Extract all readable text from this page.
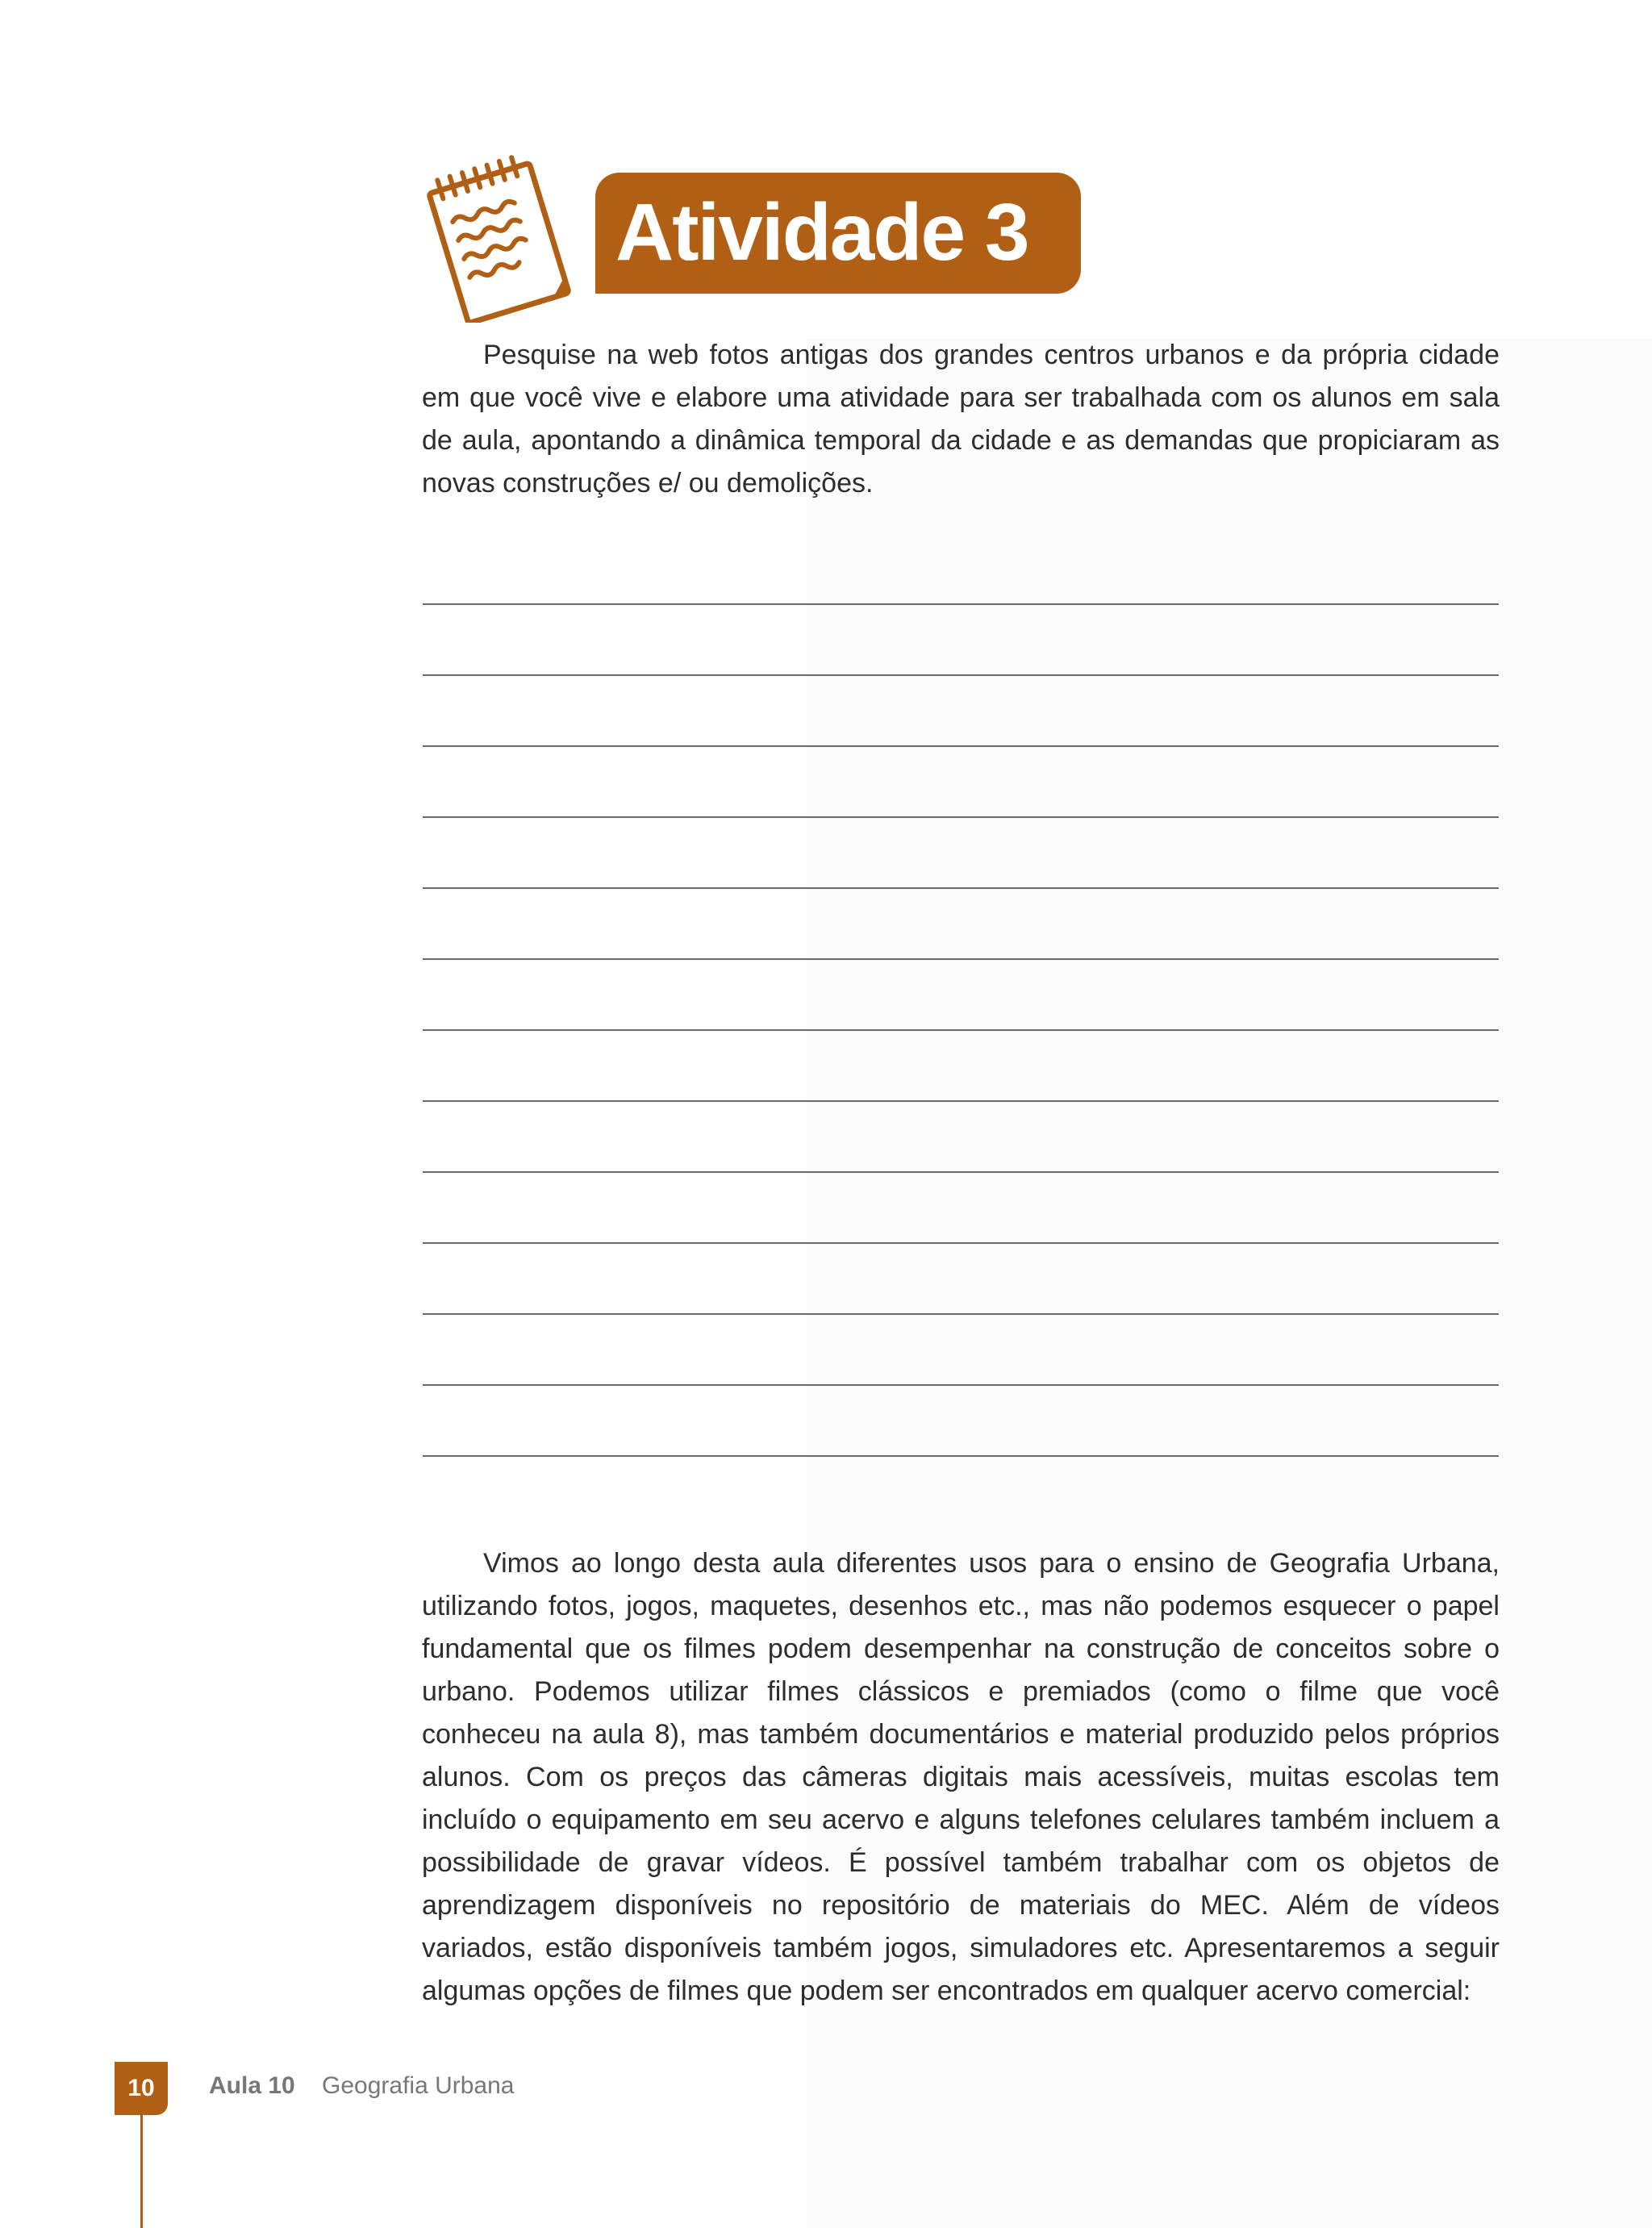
Atividade 3

Pesquise na web fotos antigas dos grandes centros urbanos e da própria cidade em que você vive e elabore uma atividade para ser trabalhada com os alunos em sala de aula, apontando a dinâmica temporal da cidade e as demandas que propiciaram as novas construções e/ ou demolições.

Vimos ao longo desta aula diferentes usos para o ensino de Geografia Urbana, utilizando fotos, jogos, maquetes, desenhos etc., mas não podemos esquecer o papel fundamental que os filmes podem desempenhar na construção de conceitos sobre o urbano. Podemos utilizar filmes clássicos e premiados (como o filme que você conheceu na aula 8), mas também documentários e material produzido pelos próprios alunos. Com os preços das câmeras digitais mais acessíveis, muitas escolas tem incluído o equipamento em seu acervo e alguns telefones celulares também incluem a possibilidade de gravar vídeos. É possível também trabalhar com os objetos de aprendizagem disponíveis no repositório de materiais do MEC. Além de vídeos variados, estão disponíveis também jogos, simuladores etc. Apresentaremos a seguir algumas opções de filmes que podem ser encontrados em qualquer acervo comercial:

10	Aula 10 Geografia Urbana
